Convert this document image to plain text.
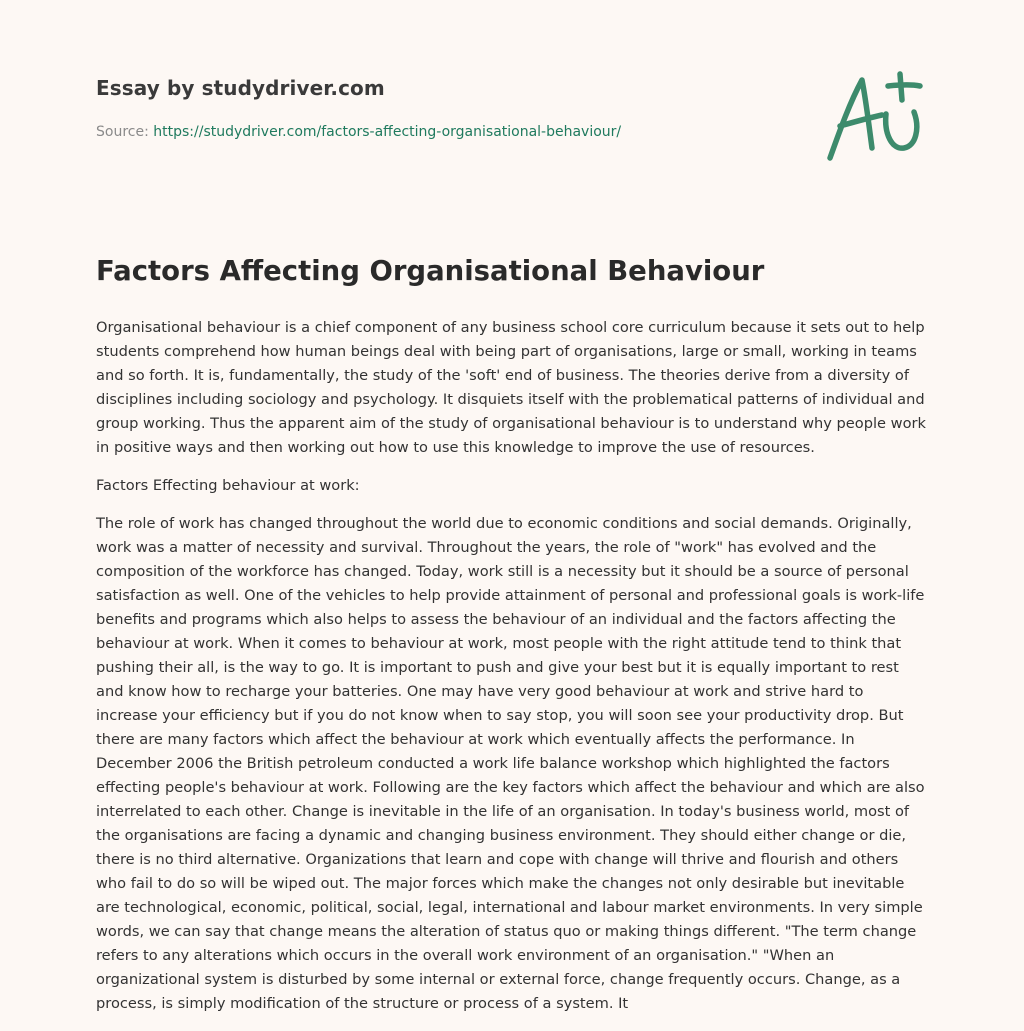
Essay by studydriver.com
Source: https://studydriver.com/factors-affecting-organisational-behaviour/
Factors Affecting Organisational Behaviour

Organisational behaviour is a chief component of any business school core curriculum because it sets out to help students comprehend how human beings deal with being part of organisations, large or small, working in teams and so forth. It is, fundamentally, the study of the 'soft' end of business. The theories derive from a diversity of disciplines including sociology and psychology. It disquiets itself with the problematical patterns of individual and group working. Thus the apparent aim of the study of organisational behaviour is to understand why people work in positive ways and then working out how to use this knowledge to improve the use of resources.

Factors Effecting behaviour at work:

The role of work has changed throughout the world due to economic conditions and social demands. Originally, work was a matter of necessity and survival. Throughout the years, the role of "work" has evolved and the composition of the workforce has changed. Today, work still is a necessity but it should be a source of personal satisfaction as well. One of the vehicles to help provide attainment of personal and professional goals is work-life benefits and programs which also helps to assess the behaviour of an individual and the factors affecting the behaviour at work. When it comes to behaviour at work, most people with the right attitude tend to think that pushing their all, is the way to go. It is important to push and give your best but it is equally important to rest and know how to recharge your batteries. One may have very good behaviour at work and strive hard to increase your efficiency but if you do not know when to say stop, you will soon see your productivity drop. But there are many factors which affect the behaviour at work which eventually affects the performance. In December 2006 the British petroleum conducted a work life balance workshop which highlighted the factors effecting people's behaviour at work. Following are the key factors which affect the behaviour and which are also interrelated to each other. Change is inevitable in the life of an organisation. In today's business world, most of the organisations are facing a dynamic and changing business environment. They should either change or die, there is no third alternative. Organizations that learn and cope with change will thrive and flourish and others who fail to do so will be wiped out. The major forces which make the changes not only desirable but inevitable are technological, economic, political, social, legal, international and labour market environments. In very simple words, we can say that change means the alteration of status quo or making things different. "The term change refers to any alterations which occurs in the overall work environment of an organisation." "When an organizational system is disturbed by some internal or external force, change frequently occurs. Change, as a process, is simply modification of the structure or process of a system. It
